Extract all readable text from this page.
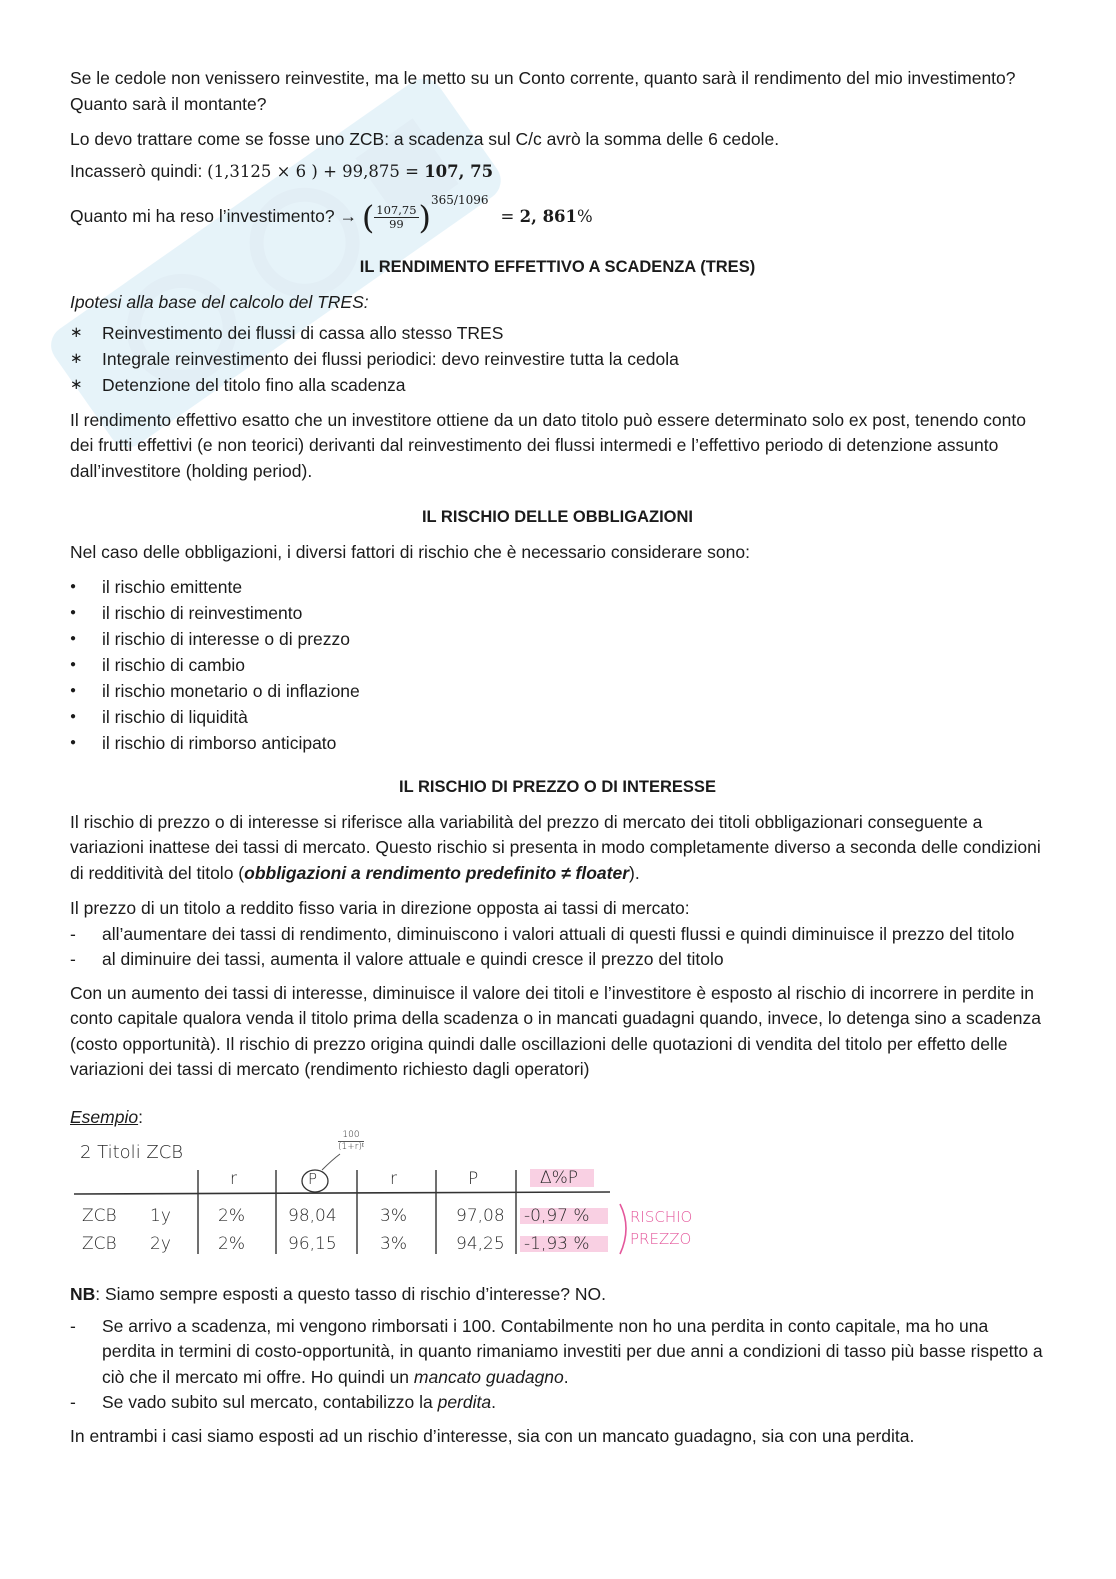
Se le cedole non venissero reinvestite, ma le metto su un Conto corrente, quanto sarà il rendimento del mio investimento? Quanto sarà il montante?

Lo devo trattare come se fosse uno ZCB: a scadenza sul C/c avrò la somma delle 6 cedole.

Incasserò quindi: (1,3125 × 6 ) + 99,875 = 107, 75

Quanto mi ha reso l’investimento? → ( $\frac{107,75}{99} )^{365/1096}= 2$, 861%

IL RENDIMENTO EFFETTIVO A SCADENZA (TRES)

Ipotesi alla base del calcolo del TRES:

∗ Reinvestimento dei flussi di cassa allo stesso TRES
∗ Integrale reinvestimento dei flussi periodici: devo reinvestire tutta la cedola
∗ Detenzione del titolo fino alla scadenza

Il rendimento effettivo esatto che un investitore ottiene da un dato titolo può essere determinato solo ex post, tenendo conto dei frutti effettivi (e non teorici) derivanti dal reinvestimento dei flussi intermedi e l’effettivo periodo di detenzione assunto dall’investitore (holding period).

IL RISCHIO DELLE OBBLIGAZIONI

Nel caso delle obbligazioni, i diversi fattori di rischio che è necessario considerare sono:

● il rischio emittente
● il rischio di reinvestimento
● il rischio di interesse o di prezzo
● il rischio di cambio
● il rischio monetario o di inflazione
● il rischio di liquidità
● il rischio di rimborso anticipato
IL RISCHIO DI PREZZO O DI INTERESSE

Il rischio di prezzo o di interesse si riferisce alla variabilità del prezzo di mercato dei titoli obbligazionari conseguente a variazioni inattese dei tassi di mercato. Questo rischio si presenta in modo completamente diverso a seconda delle condizioni di redditività del titolo (obbligazioni a rendimento predefinito ≠ floater).

Il prezzo di un titolo a reddito fisso varia in direzione opposta ai tassi di mercato:

- all’aumentare dei tassi di rendimento, diminuiscono i valori attuali di questi flussi e quindi diminuisce il prezzo del titolo
- al diminuire dei tassi, aumenta il valore attuale e quindi cresce il prezzo del titolo

Con un aumento dei tassi di interesse, diminuisce il valore dei titoli e l’investitore è esposto al rischio di incorrere in perdite in conto capitale qualora venda il titolo prima della scadenza o in mancati guadagni quando, invece, lo detenga sino a scadenza (costo opportunità). Il rischio di prezzo origina quindi dalle oscillazioni delle quotazioni di vendita del titolo per effetto delle variazioni dei tassi di mercato (rendimento richiesto dagli operatori)

Esempio:

2 Titoli ZCB	$\frac{100}{\text{(1+r)ᵗ}}$
r	P	r	P	Δ%P
ZCB 1y	2%	98,04	3%	97,08 -0,97 %
ZCB 2y	2%	96,15	3%	94,25 -1,93 %
RISCHIO
PREZZO

NB: Siamo sempre esposti a questo tasso di rischio d’interesse? NO.

- Se arrivo a scadenza, mi vengono rimborsati i 100. Contabilmente non ho una perdita in conto capitale, ma ho una perdita in termini di costo-opportunità, in quanto rimaniamo investiti per due anni a condizioni di tasso più basse rispetto a ciò che il mercato mi offre. Ho quindi un mancato guadagno.
- Se vado subito sul mercato, contabilizzo la perdita.

In entrambi i casi siamo esposti ad un rischio d’interesse, sia con un mancato guadagno, sia con una perdita.
